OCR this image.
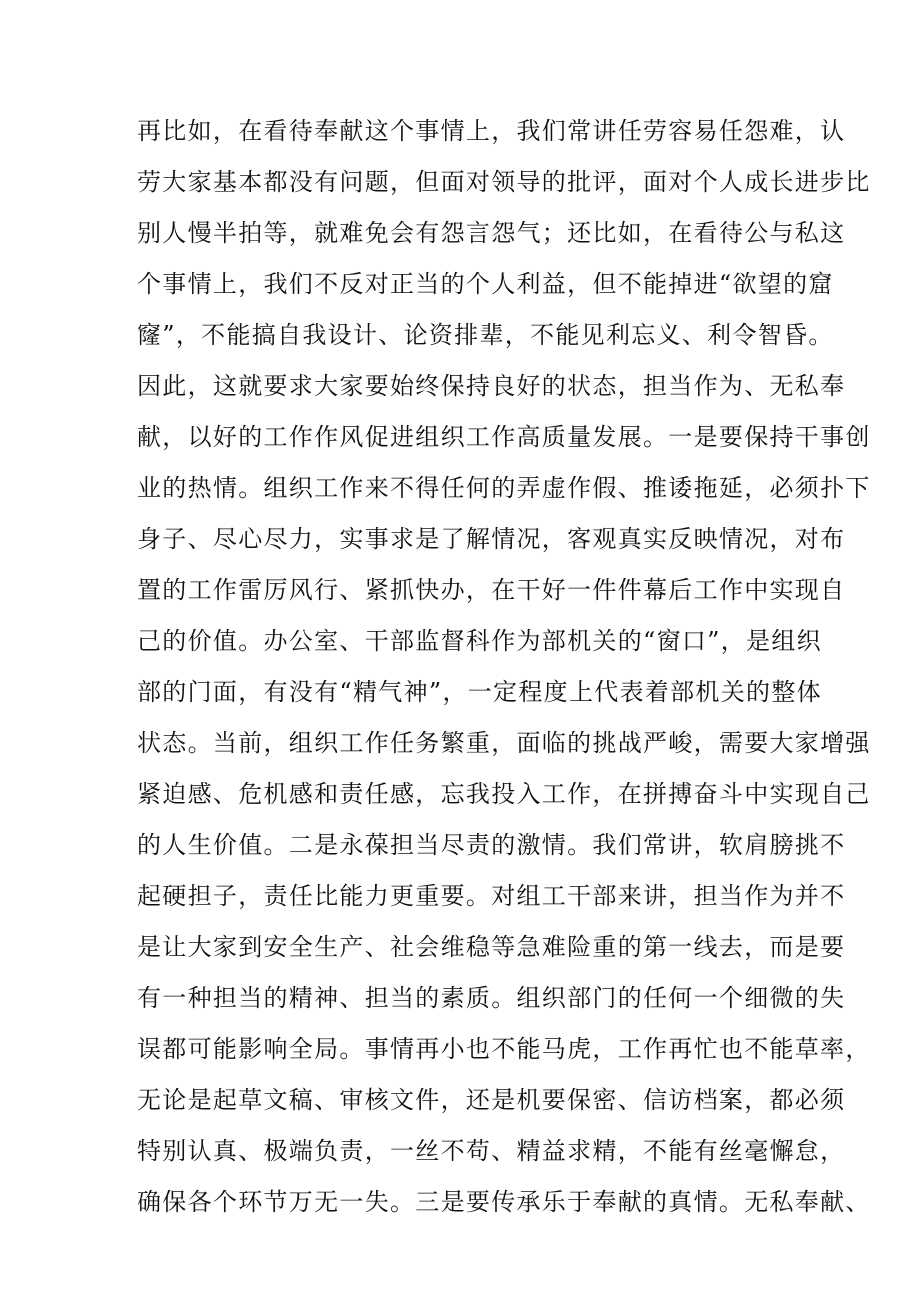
再比如，在看待奉献这个事情上，我们常讲任劳容易任怨难，认
劳大家基本都没有问题，但面对领导的批评，面对个人成长进步比
别人慢半拍等，就难免会有怨言怨气；还比如，在看待公与私这
个事情上，我们不反对正当的个人利益，但不能掉进“欲望的窟
窿”，不能搞自我设计、论资排辈，不能见利忘义、利令智昏。
因此，这就要求大家要始终保持良好的状态，担当作为、无私奉
献，以好的工作作风促进组织工作高质量发展。一是要保持干事创
业的热情。组织工作来不得任何的弄虚作假、推诿拖延，必须扑下
身子、尽心尽力，实事求是了解情况，客观真实反映情况，对布
置的工作雷厉风行、紧抓快办，在干好一件件幕后工作中实现自
己的价值。办公室、干部监督科作为部机关的“窗口”，是组织
部的门面，有没有“精气神”，一定程度上代表着部机关的整体
状态。当前，组织工作任务繁重，面临的挑战严峻，需要大家增强
紧迫感、危机感和责任感，忘我投入工作，在拼搏奋斗中实现自己
的人生价值。二是永葆担当尽责的激情。我们常讲，软肩膀挑不
起硬担子，责任比能力更重要。对组工干部来讲，担当作为并不
是让大家到安全生产、社会维稳等急难险重的第一线去，而是要
有一种担当的精神、担当的素质。组织部门的任何一个细微的失
误都可能影响全局。事情再小也不能马虎，工作再忙也不能草率，
无论是起草文稿、审核文件，还是机要保密、信访档案，都必须
特别认真、极端负责，一丝不苟、精益求精，不能有丝毫懈怠，
确保各个环节万无一失。三是要传承乐于奉献的真情。无私奉献、
